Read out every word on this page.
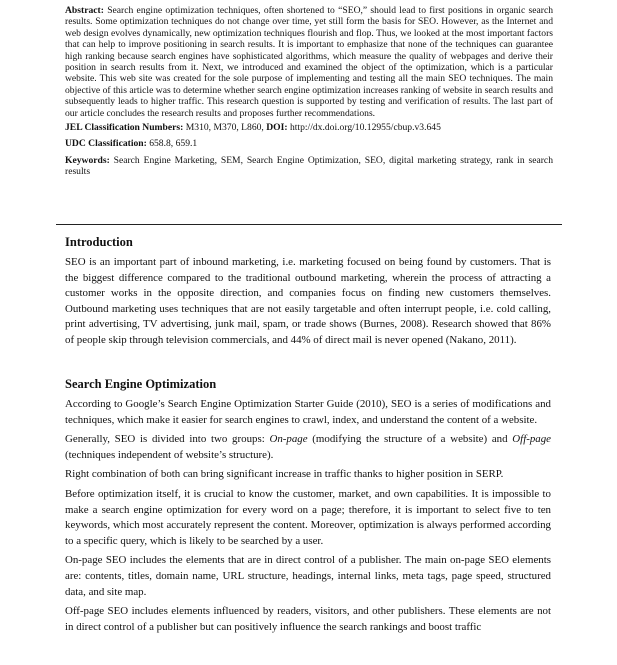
Abstract: Search engine optimization techniques, often shortened to “SEO,” should lead to first positions in organic search results. Some optimization techniques do not change over time, yet still form the basis for SEO. However, as the Internet and web design evolves dynamically, new optimization techniques flourish and flop. Thus, we looked at the most important factors that can help to improve positioning in search results. It is important to emphasize that none of the techniques can guarantee high ranking because search engines have sophisticated algorithms, which measure the quality of webpages and derive their position in search results from it. Next, we introduced and examined the object of the optimization, which is a particular website. This web site was created for the sole purpose of implementing and testing all the main SEO techniques. The main objective of this article was to determine whether search engine optimization increases ranking of website in search results and subsequently leads to higher traffic. This research question is supported by testing and verification of results. The last part of our article concludes the research results and proposes further recommendations.

JEL Classification Numbers: M310, M370, L860, DOI: http://dx.doi.org/10.12955/cbup.v3.645

UDC Classification: 658.8, 659.1

Keywords: Search Engine Marketing, SEM, Search Engine Optimization, SEO, digital marketing strategy, rank in search results

Introduction

SEO is an important part of inbound marketing, i.e. marketing focused on being found by customers. That is the biggest difference compared to the traditional outbound marketing, wherein the process of attracting a customer works in the opposite direction, and companies focus on finding new customers themselves. Outbound marketing uses techniques that are not easily targetable and often interrupt people, i.e. cold calling, print advertising, TV advertising, junk mail, spam, or trade shows (Burnes, 2008). Research showed that 86% of people skip through television commercials, and 44% of direct mail is never opened (Nakano, 2011).

Search Engine Optimization

According to Google’s Search Engine Optimization Starter Guide (2010), SEO is a series of modifications and techniques, which make it easier for search engines to crawl, index, and understand the content of a website.

Generally, SEO is divided into two groups: On-page (modifying the structure of a website) and Off-page (techniques independent of website’s structure).

Right combination of both can bring significant increase in traffic thanks to higher position in SERP.

Before optimization itself, it is crucial to know the customer, market, and own capabilities. It is impossible to make a search engine optimization for every word on a page; therefore, it is important to select five to ten keywords, which most accurately represent the content. Moreover, optimization is always performed according to a specific query, which is likely to be searched by a user.

On-page SEO includes the elements that are in direct control of a publisher. The main on-page SEO elements are: contents, titles, domain name, URL structure, headings, internal links, meta tags, page speed, structured data, and site map.

Off-page SEO includes elements influenced by readers, visitors, and other publishers. These elements are not in direct control of a publisher but can positively influence the search rankings and boost traffic
